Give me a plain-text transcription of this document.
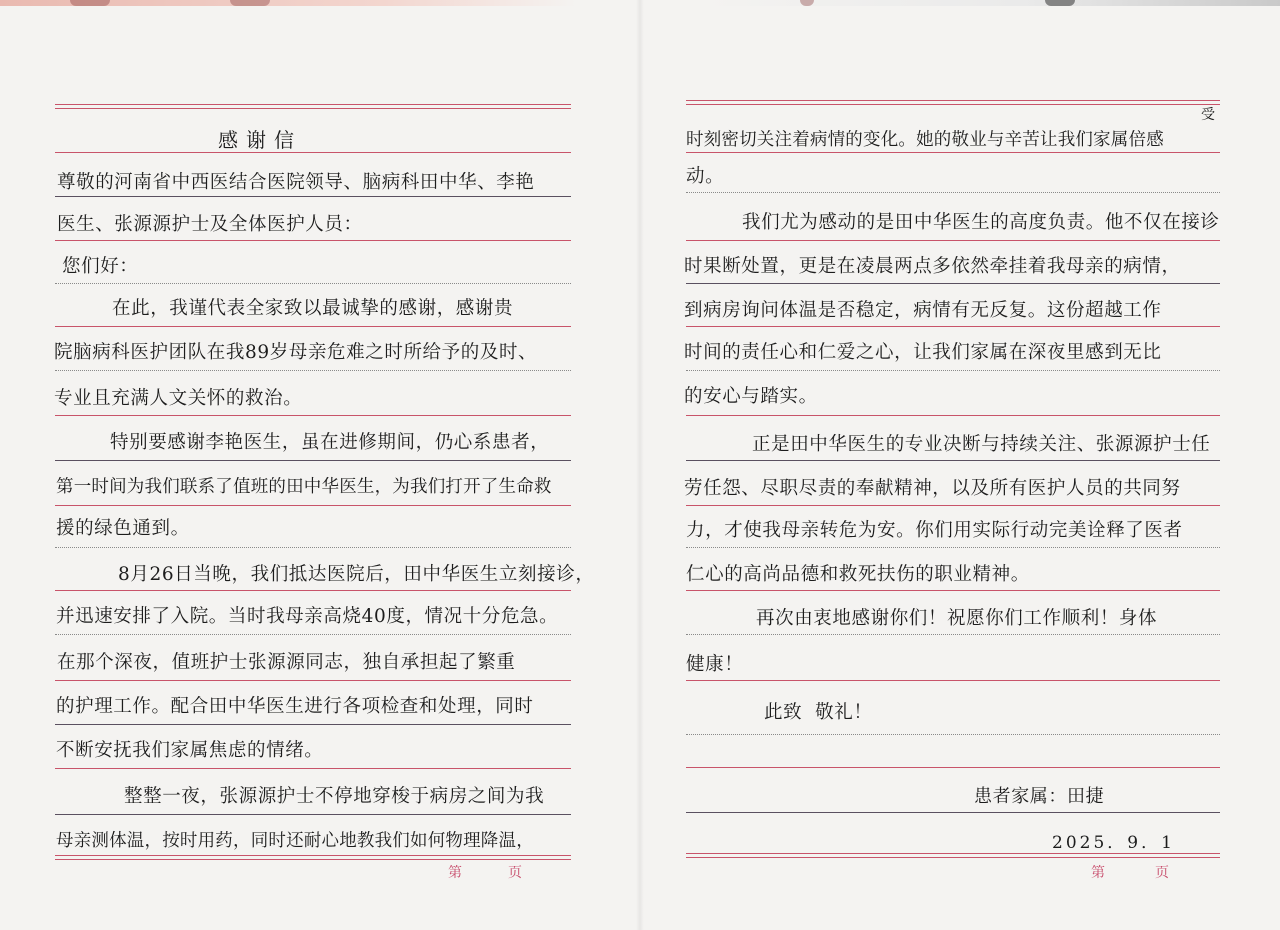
感谢信
尊敬的河南省中西医结合医院领导、脑病科田中华、李艳
医生、张源源护士及全体医护人员：
您们好：
在此，我谨代表全家致以最诚挚的感谢，感谢贵
院脑病科医护团队在我89岁母亲危难之时所给予的及时、
专业且充满人文关怀的救治。
特别要感谢李艳医生，虽在进修期间，仍心系患者，
第一时间为我们联系了值班的田中华医生，为我们打开了生命救
援的绿色通到。
8月26日当晚，我们抵达医院后，田中华医生立刻接诊，
并迅速安排了入院。当时我母亲高烧40度，情况十分危急。
在那个深夜，值班护士张源源同志，独自承担起了繁重
的护理工作。配合田中华医生进行各项检查和处理，同时
不断安抚我们家属焦虑的情绪。
整整一夜，张源源护士不停地穿梭于病房之间为我
母亲测体温，按时用药，同时还耐心地教我们如何物理降温，
第	页
受
时刻密切关注着病情的变化。她的敬业与辛苦让我们家属倍感
动。
我们尤为感动的是田中华医生的高度负责。他不仅在接诊
时果断处置，更是在凌晨两点多依然牵挂着我母亲的病情，
到病房询问体温是否稳定，病情有无反复。这份超越工作
时间的责任心和仁爱之心，让我们家属在深夜里感到无比
的安心与踏实。
正是田中华医生的专业决断与持续关注、张源源护士任
劳任怨、尽职尽责的奉献精神，以及所有医护人员的共同努
力，才使我母亲转危为安。你们用实际行动完美诠释了医者
仁心的高尚品德和救死扶伤的职业精神。
再次由衷地感谢你们！祝愿你们工作顺利！身体
健康！
此致  敬礼！
患者家属：田捷
2025．9．1
第	页
